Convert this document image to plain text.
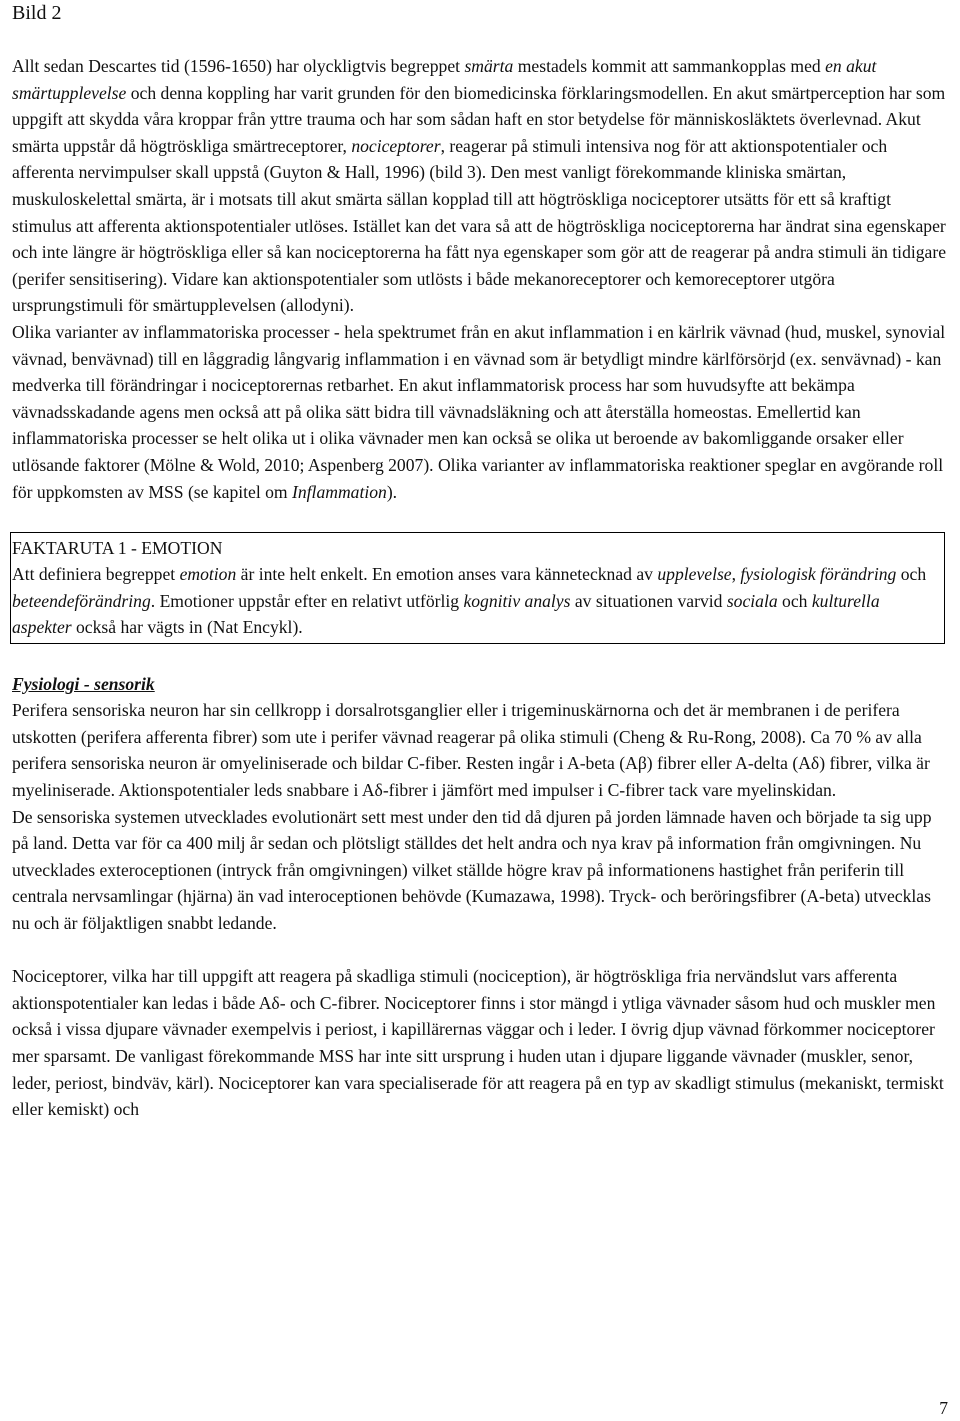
Bild 2

Allt sedan Descartes tid (1596-1650) har olyckligtvis begreppet smärta mestadels kommit att sammankopplas med en akut smärtupplevelse och denna koppling har varit grunden för den biomedicinska förklaringsmodellen. En akut smärtperception har som uppgift att skydda våra kroppar från yttre trauma och har som sådan haft en stor betydelse för människosläktets överlevnad. Akut smärta uppstår då högtröskliga smärtreceptorer, nociceptorer, reagerar på stimuli intensiva nog för att aktionspotentialer och afferenta nervimpulser skall uppstå (Guyton & Hall, 1996) (bild 3). Den mest vanligt förekommande kliniska smärtan, muskuloskelettal smärta, är i motsats till akut smärta sällan kopplad till att högtröskliga nociceptorer utsätts för ett så kraftigt stimulus att afferenta aktionspotentialer utlöses. Istället kan det vara så att de högtröskliga nociceptorerna har ändrat sina egenskaper och inte längre är högtröskliga eller så kan nociceptorerna ha fått nya egenskaper som gör att de reagerar på andra stimuli än tidigare (perifer sensitisering). Vidare kan aktionspotentialer som utlösts i både mekanoreceptorer och kemoreceptorer utgöra ursprungstimuli för smärtupplevelsen (allodyni).

Olika varianter av inflammatoriska processer - hela spektrumet från en akut inflammation i en kärlrik vävnad (hud, muskel, synovial vävnad, benvävnad) till en låggradig långvarig inflammation i en vävnad som är betydligt mindre kärlförsörjd (ex. senvävnad) - kan medverka till förändringar i nociceptorernas retbarhet. En akut inflammatorisk process har som huvudsyfte att bekämpa vävnadsskadande agens men också att på olika sätt bidra till vävnadsläkning och att återställa homeostas. Emellertid kan inflammatoriska processer se helt olika ut i olika vävnader men kan också se olika ut beroende av bakomliggande orsaker eller utlösande faktorer (Mölne & Wold, 2010; Aspenberg 2007). Olika varianter av inflammatoriska reaktioner speglar en avgörande roll för uppkomsten av MSS (se kapitel om Inflammation).

FAKTARUTA 1 - EMOTION

Att definiera begreppet emotion är inte helt enkelt. En emotion anses vara kännetecknad av upplevelse, fysiologisk förändring och beteendeförändring. Emotioner uppstår efter en relativt utförlig kognitiv analys av situationen varvid sociala och kulturella aspekter också har vägts in (Nat Encykl).

Fysiologi - sensorik

Perifera sensoriska neuron har sin cellkropp i dorsalrotsganglier eller i trigeminuskärnorna och det är membranen i de perifera utskotten (perifera afferenta fibrer) som ute i perifer vävnad reagerar på olika stimuli (Cheng & Ru-Rong, 2008). Ca 70 % av alla perifera sensoriska neuron är omyeliniserade och bildar C-fiber. Resten ingår i A-beta (Aβ) fibrer eller A-delta (Aδ) fibrer, vilka är myeliniserade. Aktionspotentialer leds snabbare i Aδ-fibrer i jämfört med impulser i C-fibrer tack vare myelinskidan.

De sensoriska systemen utvecklades evolutionärt sett mest under den tid då djuren på jorden lämnade haven och började ta sig upp på land. Detta var för ca 400 milj år sedan och plötsligt ställdes det helt andra och nya krav på information från omgivningen. Nu utvecklades exteroceptionen (intryck från omgivningen) vilket ställde högre krav på informationens hastighet från periferin till centrala nervsamlingar (hjärna) än vad interoceptionen behövde (Kumazawa, 1998). Tryck- och beröringsfibrer (A-beta) utvecklas nu och är följaktligen snabbt ledande.

Nociceptorer, vilka har till uppgift att reagera på skadliga stimuli (nociception), är högtröskliga fria nervändslut vars afferenta aktionspotentialer kan ledas i både Aδ- och C-fibrer. Nociceptorer finns i stor mängd i ytliga vävnader såsom hud och muskler men också i vissa djupare vävnader exempelvis i periost, i kapillärernas väggar och i leder. I övrig djup vävnad förkommer nociceptorer mer sparsamt. De vanligast förekommande MSS har inte sitt ursprung i huden utan i djupare liggande vävnader (muskler, senor, leder, periost, bindväv, kärl). Nociceptorer kan vara specialiserade för att reagera på en typ av skadligt stimulus (mekaniskt, termiskt eller kemiskt) och

7
